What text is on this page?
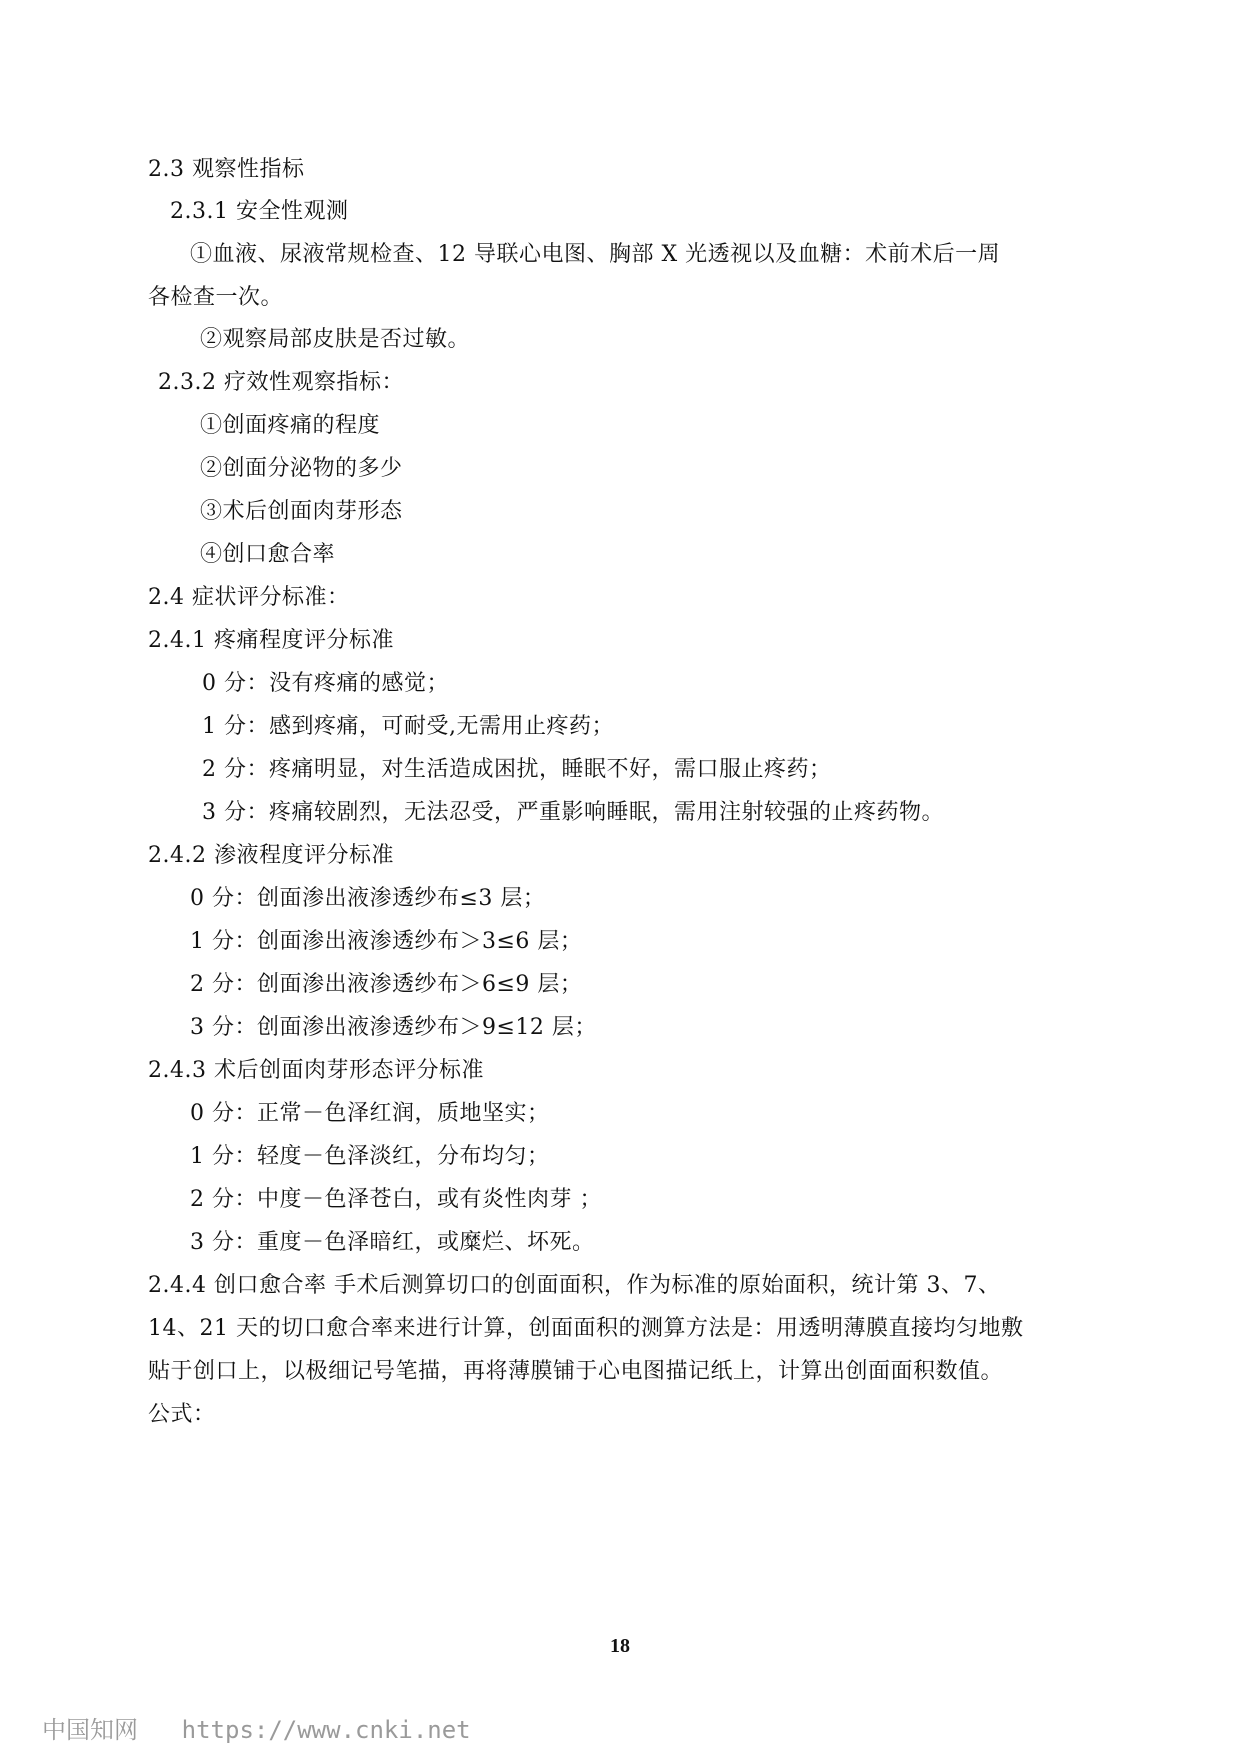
2.3 观察性指标
2.3.1 安全性观测
①血液、尿液常规检查、12 导联心电图、胸部 X 光透视以及血糖：术前术后一周
各检查一次。
②观察局部皮肤是否过敏。
2.3.2 疗效性观察指标：
①创面疼痛的程度
②创面分泌物的多少
③术后创面肉芽形态
④创口愈合率
2.4 症状评分标准：
2.4.1 疼痛程度评分标准
0 分：没有疼痛的感觉；
1 分：感到疼痛，可耐受,无需用止疼药；
2 分：疼痛明显，对生活造成困扰，睡眠不好，需口服止疼药；
3 分：疼痛较剧烈，无法忍受，严重影响睡眠，需用注射较强的止疼药物。
2.4.2 渗液程度评分标准
0 分：创面渗出液渗透纱布≤3 层；
1 分：创面渗出液渗透纱布＞3≤6 层；
2 分：创面渗出液渗透纱布＞6≤9 层；
3 分：创面渗出液渗透纱布＞9≤12 层；
2.4.3 术后创面肉芽形态评分标准
0 分：正常－色泽红润，质地坚实；
1 分：轻度－色泽淡红，分布均匀；
2 分：中度－色泽苍白，或有炎性肉芽 ；
3 分：重度－色泽暗红，或糜烂、坏死。
2.4.4 创口愈合率 手术后测算切口的创面面积，作为标准的原始面积，统计第 3、7、
14、21 天的切口愈合率来进行计算，创面面积的测算方法是：用透明薄膜直接均匀地敷
贴于创口上，以极细记号笔描，再将薄膜铺于心电图描记纸上，计算出创面面积数值。
公式：
18
中国知网 https://www.cnki.net
